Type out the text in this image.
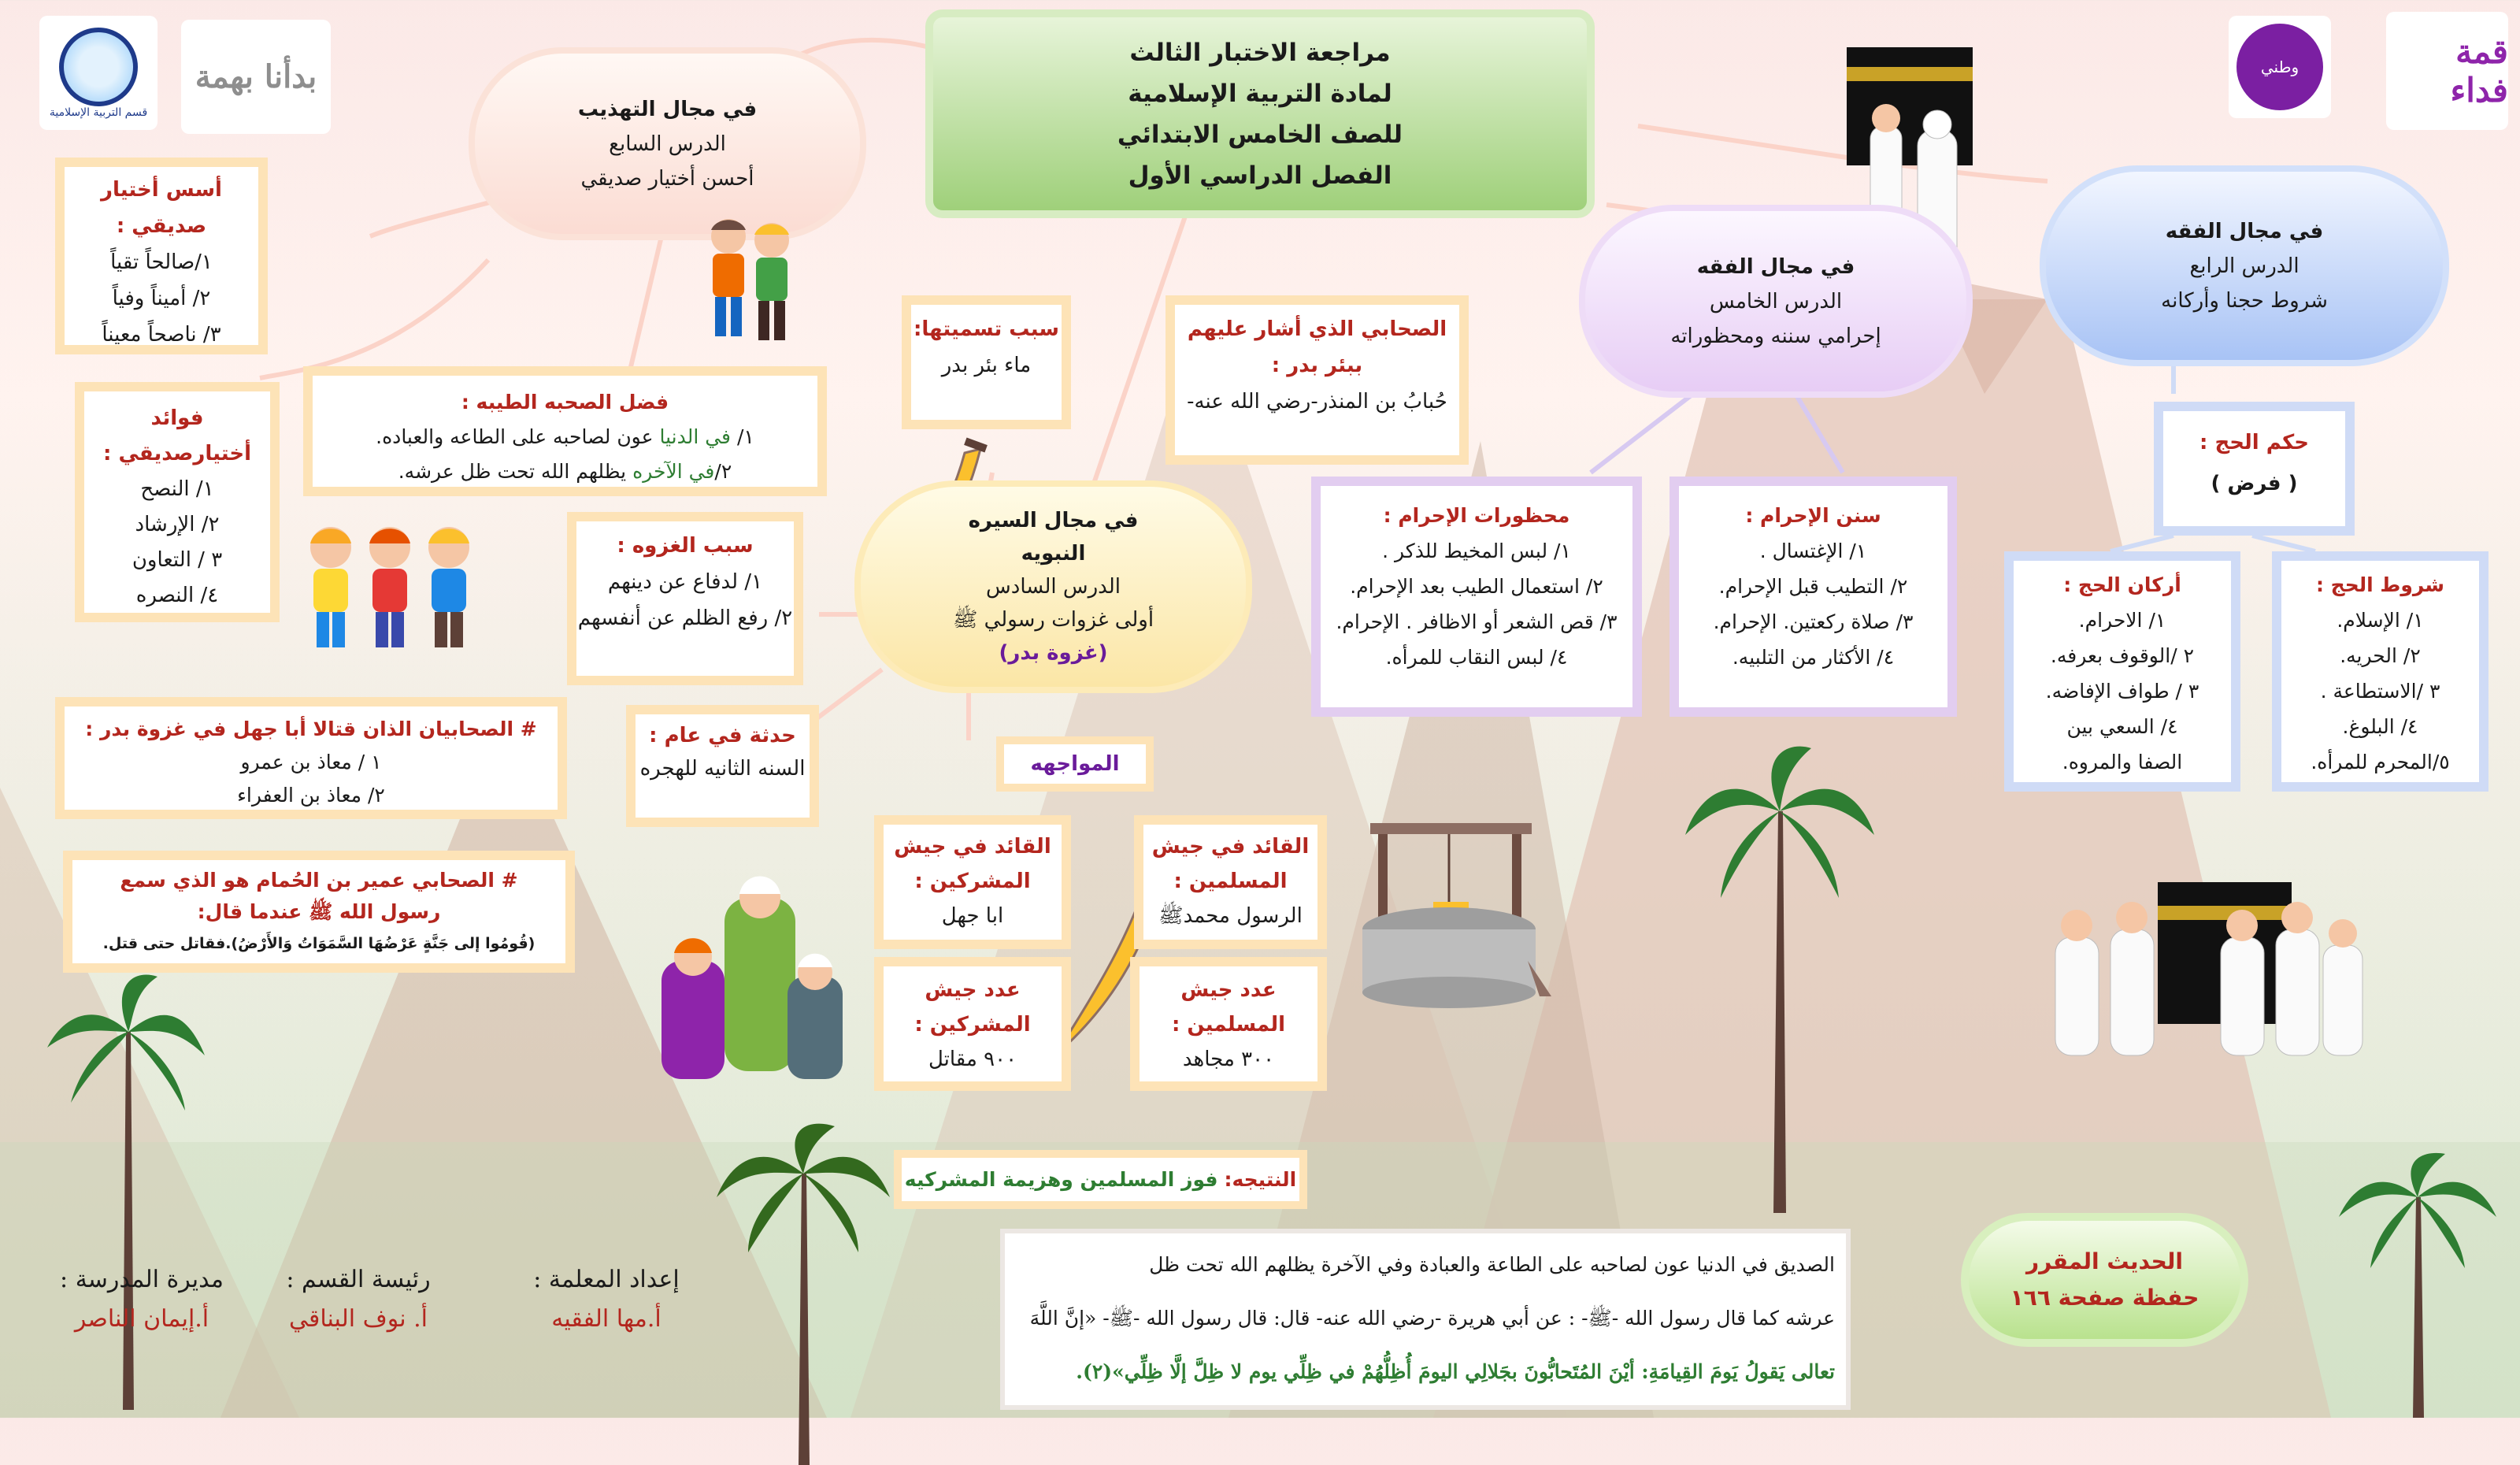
قسم التربية الإسلامية
بدأنا بهمة	وطني	قمة فداء
مراجعة الاختبار الثالث
لمادة التربية الإسلامية
للصف الخامس الابتدائي
الفصل الدراسي الأول
في مجال التهذيب
الدرس السابع
أحسن أختيار صديقي
أسس أختيار صديقي :
١/صالحاً تقياً
٢/ أميناً وفياً
٣/ ناصحاً معيناً
فوائد أختيارصديقي :
١/ النصح
٢/ الإرشاد
٣ / التعاون
٤/ النصره
فضل الصحبه الطيبه :
١/ في الدنيا عون لصاحبه على الطاعه والعباده.
٢/في الآخره يظلهم الله تحت ظل عرشه.
سبب تسميتها:
ماء بئر بدر
الصحابي الذي أشار عليهم ببئر بدر :
حُبابُ بن المنذر-رضي الله عنه-
في مجال السيره النبويه
الدرس السادس
أولى غزوات رسولي ﷺ
(غزوة بدر)
سبب الغزوه :
١/ لدفاع عن دينهم
٢/ رفع الظلم عن أنفسهم
حدثة في عام :
السنه الثانيه للهجره
# الصحابيان الذان قتالا أبا جهل في غزوة بدر :
١ / معاذ بن عمرو
٢/ معاذ بن العفراء
# الصحابي عمير بن الحُمام هو الذي سمع
رسول الله ﷺ عندما قال:
(قُومُوا إلى جَنَّةٍ عَرْضُهَا السَّمَوَاتُ وَالأَرْضُ).فقاتل حتى قتل.
المواجهه
القائد في جيش المسلمين :
الرسول محمدﷺ
القائد في جيش المشركين :
ابا جهل
عدد جيش المسلمين :
٣٠٠ مجاهد
عدد جيش المشركين :
٩٠٠ مقاتل
النتيجه: فوز المسلمين وهزيمة المشركيه
في مجال الفقه
الدرس الخامس
إحرامي سننه ومحظوراته
محظورات الإحرام :
١/ لبس المخيط للذكر .
٢/ استعمال الطيب بعد الإحرام.
٣/ قص الشعر أو الاظافر . الإحرام.
٤/ لبس النقاب للمرأه.
سنن الإحرام :
١/ الإغتسال .
٢/ التطيب قبل الإحرام.
٣/ صلاة ركعتين. الإحرام.
٤/ الأكثار من التلبيه.
في مجال الفقه
الدرس الرابع
شروط حجنا وأركانه
حكم الحج :
( فرض )
أركان الحج :
١/ الاحرام.
٢ /الوقوف بعرفه.
٣ / طواف الإفاضه.
٤/ السعي بين الصفا والمروه.
شروط الحج :
١/ الإسلام.
٢/ الحريه.
٣ /الاستطاعة .
٤/ البلوغ.
٥/المحرم للمرأه.
الحديث المقرر
حفظة صفحة ١٦٦
الصديق في الدنيا عون لصاحبه على الطاعة والعبادة وفي الآخرة يظلهم الله تحت ظل
عرشه كما قال رسول الله -ﷺ- : عن أبي هريرة -رضي الله عنه- قال: قال رسول الله -ﷺ- «إنَّ اللَّهَ
تعالى يَقولُ يَومَ القِيامَةِ: أيْنَ المُتَحابُّونَ بجَلالِي اليومَ أُظِلُّهُمْ في ظِلِّي يوم لا ظِلَّ إلَّا ظِلِّي»(٢).
إعداد المعلمة :
أ.مها الفقيه
رئيسة القسم :
أ. نوف البناقي
مديرة المدرسة :
أ.إيمان الناصر
